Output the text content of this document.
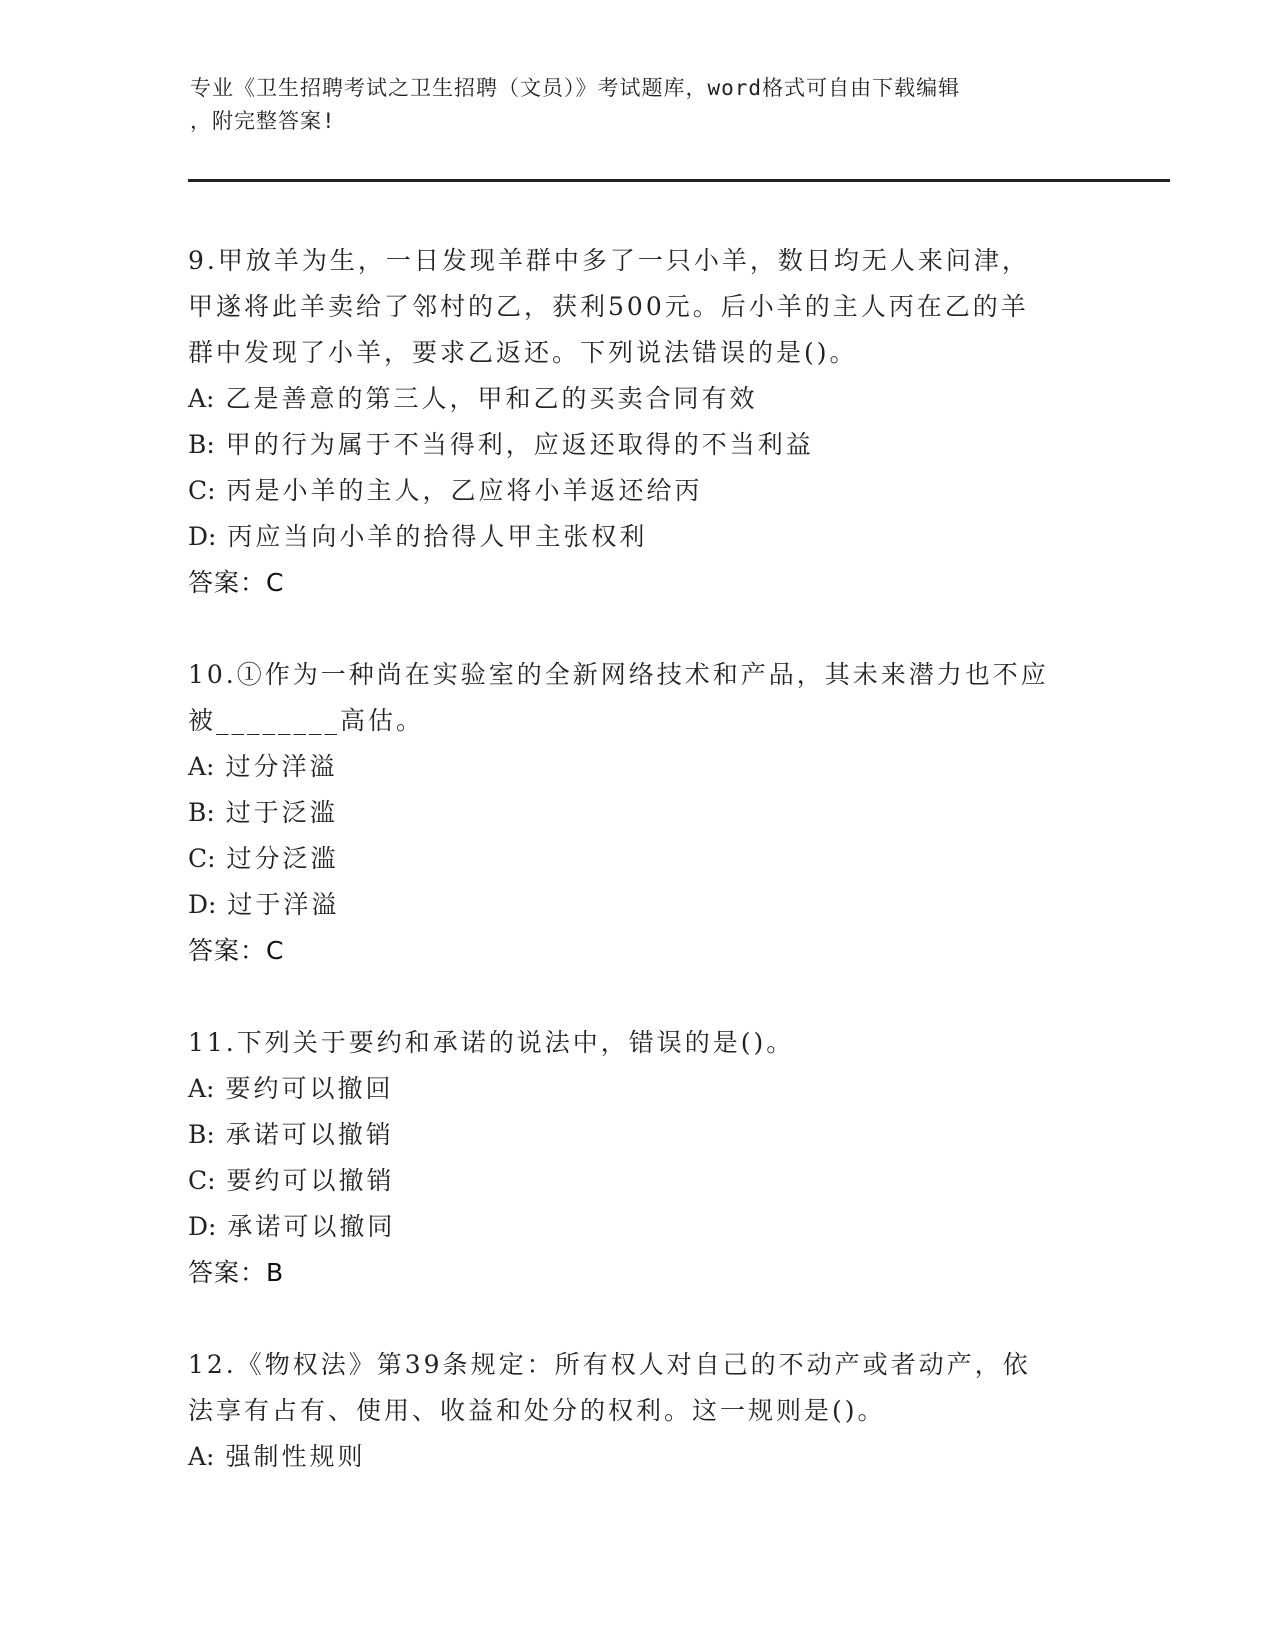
专业《卫生招聘考试之卫生招聘（文员）》考试题库，word格式可自由下载编辑
，附完整答案!
9.甲放羊为生，一日发现羊群中多了一只小羊，数日均无人来问津，
甲遂将此羊卖给了邻村的乙，获利500元。后小羊的主人丙在乙的羊
群中发现了小羊，要求乙返还。下列说法错误的是()。
A: 乙是善意的第三人，甲和乙的买卖合同有效
B: 甲的行为属于不当得利，应返还取得的不当利益
C: 丙是小羊的主人，乙应将小羊返还给丙
D: 丙应当向小羊的拾得人甲主张权利
答案：C
10.①作为一种尚在实验室的全新网络技术和产品，其未来潜力也不应
被________高估。
A: 过分洋溢
B: 过于泛滥
C: 过分泛滥
D: 过于洋溢
答案：C
11.下列关于要约和承诺的说法中，错误的是()。
A: 要约可以撤回
B: 承诺可以撤销
C: 要约可以撤销
D: 承诺可以撤同
答案：B
12.《物权法》第39条规定：所有权人对自己的不动产或者动产，依
法享有占有、使用、收益和处分的权利。这一规则是()。
A: 强制性规则
